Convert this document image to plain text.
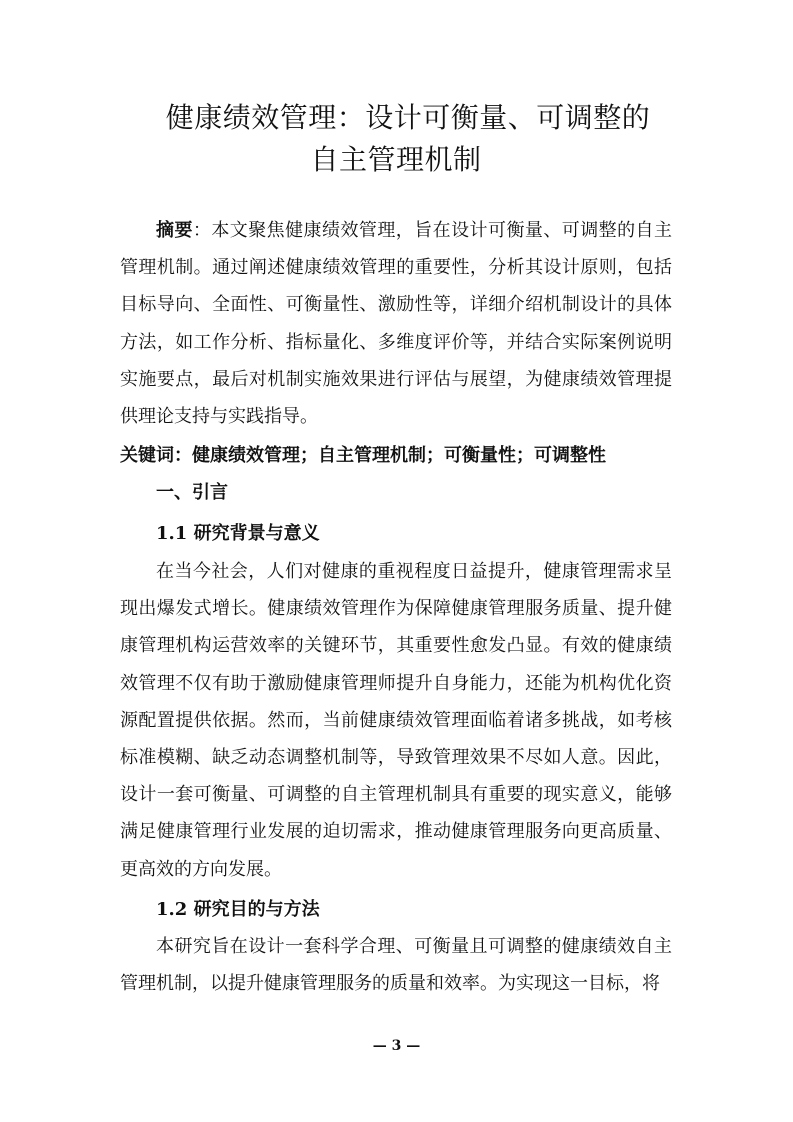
健康绩效管理：设计可衡量、可调整的
自主管理机制

摘要：本文聚焦健康绩效管理，旨在设计可衡量、可调整的自主管理机制。通过阐述健康绩效管理的重要性，分析其设计原则，包括目标导向、全面性、可衡量性、激励性等，详细介绍机制设计的具体方法，如工作分析、指标量化、多维度评价等，并结合实际案例说明实施要点，最后对机制实施效果进行评估与展望，为健康绩效管理提供理论支持与实践指导。

关键词：健康绩效管理；自主管理机制；可衡量性；可调整性

一、引言
1.1 研究背景与意义

在当今社会，人们对健康的重视程度日益提升，健康管理需求呈现出爆发式增长。健康绩效管理作为保障健康管理服务质量、提升健康管理机构运营效率的关键环节，其重要性愈发凸显。有效的健康绩效管理不仅有助于激励健康管理师提升自身能力，还能为机构优化资源配置提供依据。然而，当前健康绩效管理面临着诸多挑战，如考核标准模糊、缺乏动态调整机制等，导致管理效果不尽如人意。因此，设计一套可衡量、可调整的自主管理机制具有重要的现实意义，能够满足健康管理行业发展的迫切需求，推动健康管理服务向更高质量、更高效的方向发展。

1.2 研究目的与方法

本研究旨在设计一套科学合理、可衡量且可调整的健康绩效自主管理机制，以提升健康管理服务的质量和效率。为实现这一目标，将

— 3 —
